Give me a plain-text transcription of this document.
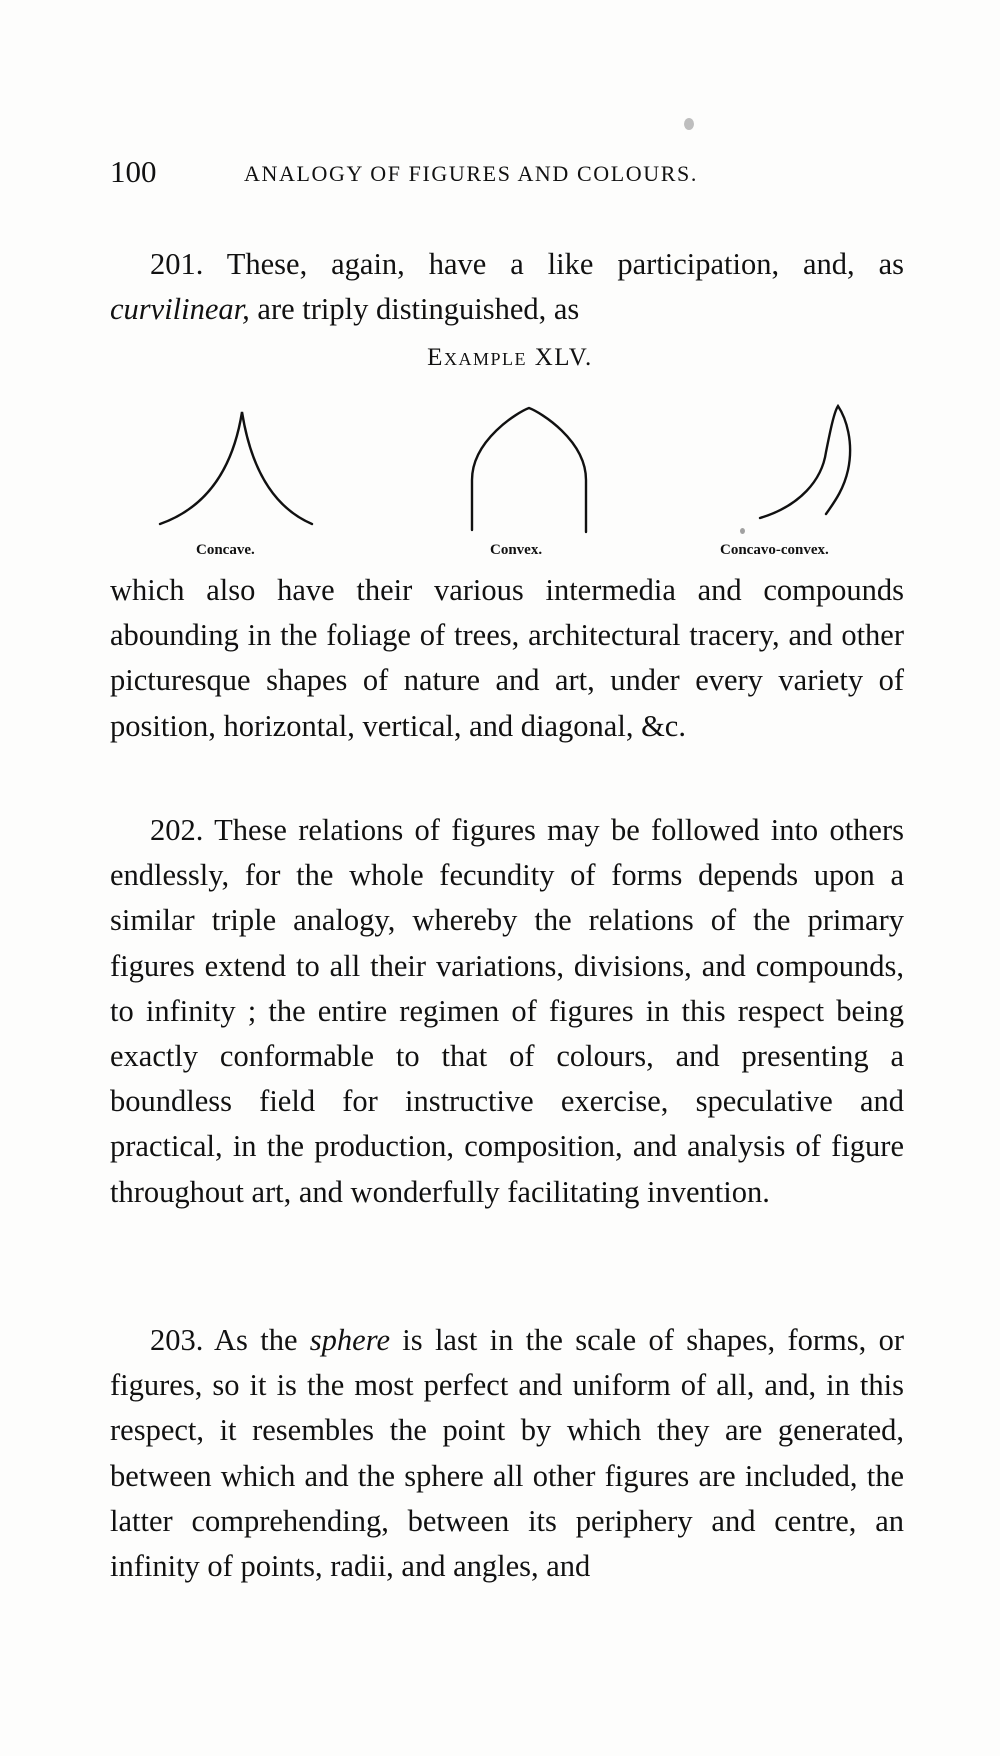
100	ANALOGY OF FIGURES AND COLOURS.

201. These, again, have a like participation, and, as curvilinear, are triply distinguished, as

Example XLV.
Concave.	Convex.	Concavo-convex.

which also have their various intermedia and compounds abounding in the foliage of trees, architectural tracery, and other picturesque shapes of nature and art, under every variety of position, horizontal, vertical, and diagonal, &c.

202. These relations of figures may be followed into others endlessly, for the whole fecundity of forms depends upon a similar triple analogy, whereby the relations of the primary figures extend to all their variations, divisions, and compounds, to infinity ; the entire regimen of figures in this respect being exactly conformable to that of colours, and presenting a boundless field for instructive exercise, speculative and practical, in the production, composition, and analysis of figure throughout art, and wonderfully facilitating invention.

203. As the sphere is last in the scale of shapes, forms, or figures, so it is the most perfect and uniform of all, and, in this respect, it resembles the point by which they are generated, between which and the sphere all other figures are included, the latter comprehending, between its periphery and centre, an infinity of points, radii, and angles, and
